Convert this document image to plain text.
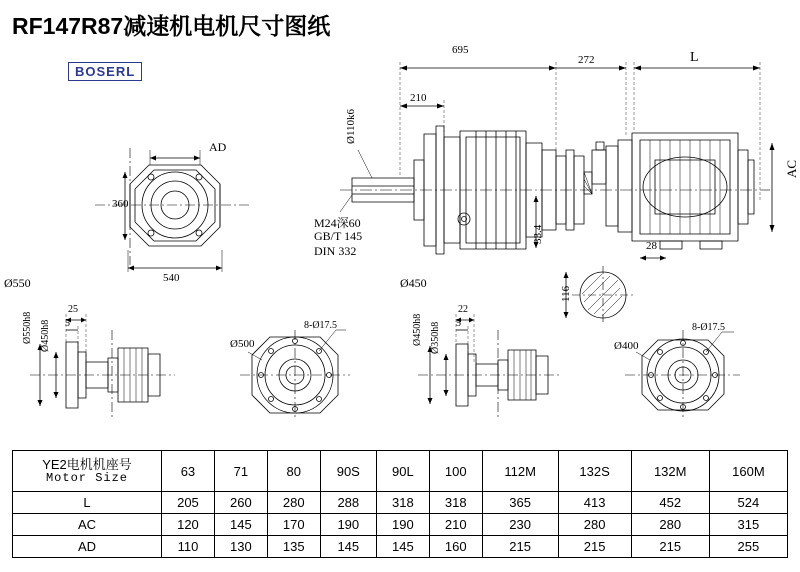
RF147R87减速机电机尺寸图纸
BOSERL
695
272	L
Ø110k6
210
360
540
AD
AC
33.4
28
116
M24深60
GB/T 145
DIN 332
Ø550	Ø450
Ø500	Ø400
Ø550h8 Ø450h8	Ø450h8 Ø350h8
25
5
22
5
8-Ø17.5	8-Ø17.5
YE2电机机座号
Motor Size	63	71	80	90S	90L	100	112M	132S	132M	160M
L	205	260	280	288	318	318	365	413	452	524
AC	120	145	170	190	190	210	230	280	280	315
AD	110	130	135	145	145	160	215	215	215	255
